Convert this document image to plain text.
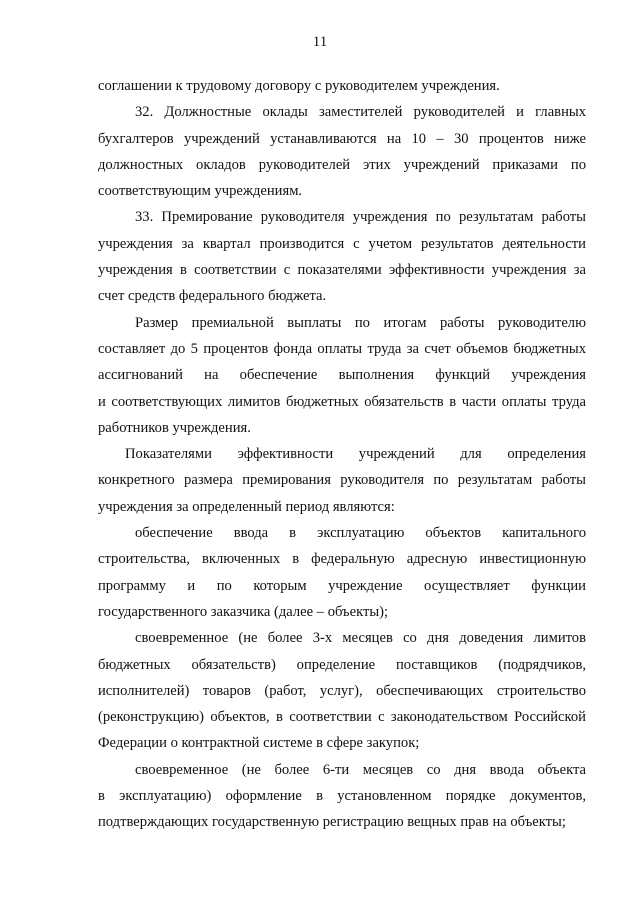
11
соглашении к трудовому договору с руководителем учреждения.
32. Должностные оклады заместителей руководителей и главных
бухгалтеров учреждений устанавливаются на 10 – 30 процентов ниже
должностных окладов руководителей этих учреждений приказами по
соответствующим учреждениям.
33. Премирование руководителя учреждения по результатам работы
учреждения за квартал производится с учетом результатов деятельности
учреждения в соответствии с показателями эффективности учреждения за
счет средств федерального бюджета.
Размер премиальной выплаты по итогам работы руководителю
составляет до 5 процентов фонда оплаты труда за счет объемов бюджетных
ассигнований на обеспечение выполнения функций учреждения
и соответствующих лимитов бюджетных обязательств в части оплаты труда
работников учреждения.
Показателями эффективности учреждений для определения
конкретного размера премирования руководителя по результатам работы
учреждения за определенный период являются:
обеспечение ввода в эксплуатацию объектов капитального
строительства, включенных в федеральную адресную инвестиционную
программу и по которым учреждение осуществляет функции
государственного заказчика (далее – объекты);
своевременное (не более 3-х месяцев со дня доведения лимитов
бюджетных обязательств) определение поставщиков (подрядчиков,
исполнителей) товаров (работ, услуг), обеспечивающих строительство
(реконструкцию) объектов, в соответствии с законодательством Российской
Федерации о контрактной системе в сфере закупок;
своевременное (не более 6-ти месяцев со дня ввода объекта
в эксплуатацию) оформление в установленном порядке документов,
подтверждающих государственную регистрацию вещных прав на объекты;
